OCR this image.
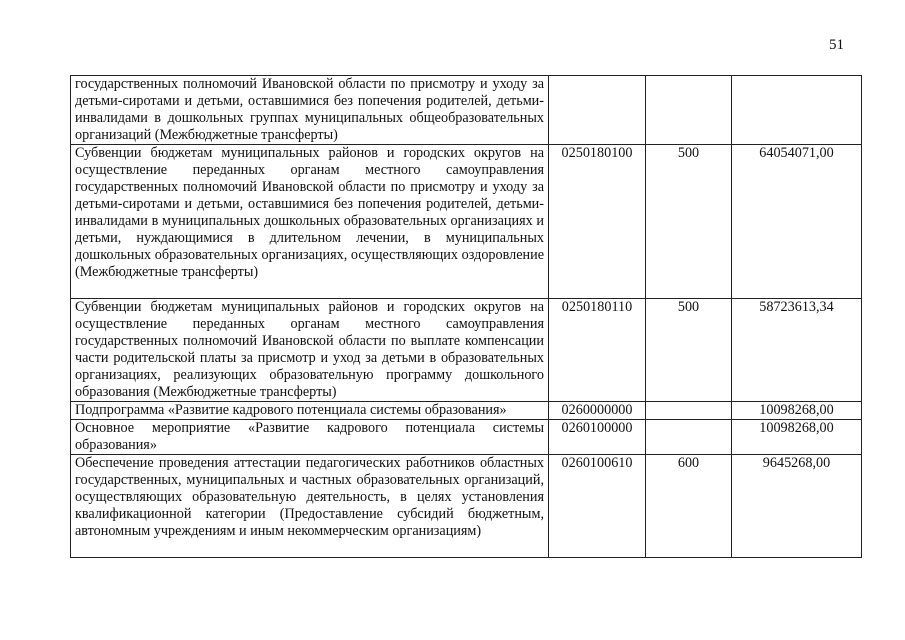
51
государственных полномочий Ивановской области по присмотру и уходу за детьми-сиротами и детьми, оставшимися без попечения родителей, детьми-инвалидами в дошкольных группах муниципальных общеобразовательных организаций (Межбюджетные трансферты)			
Субвенции бюджетам муниципальных районов и городских округов на осуществление переданных органам местного самоуправления государственных полномочий Ивановской области по присмотру и уходу за детьми-сиротами и детьми, оставшимися без попечения родителей, детьми-инвалидами в муниципальных дошкольных образовательных организациях и детьми, нуждающимися в длительном лечении, в муниципальных дошкольных образовательных организациях, осуществляющих оздоровление (Межбюджетные трансферты)	0250180100	500	64054071,00
Субвенции бюджетам муниципальных районов и городских округов на осуществление переданных органам местного самоуправления государственных полномочий Ивановской области по выплате компенсации части родительской платы за присмотр и уход за детьми в образовательных организациях, реализующих образовательную программу дошкольного образования (Межбюджетные трансферты)	0250180110	500	58723613,34
Подпрограмма «Развитие кадрового потенциала системы образования»	0260000000		10098268,00
Основное мероприятие «Развитие кадрового потенциала системы образования»	0260100000		10098268,00
Обеспечение проведения аттестации педагогических работников областных государственных, муниципальных и частных образовательных организаций, осуществляющих образовательную деятельность, в целях установления квалификационной категории (Предоставление субсидий бюджетным, автономным учреждениям и иным некоммерческим организациям)	0260100610	600	9645268,00
